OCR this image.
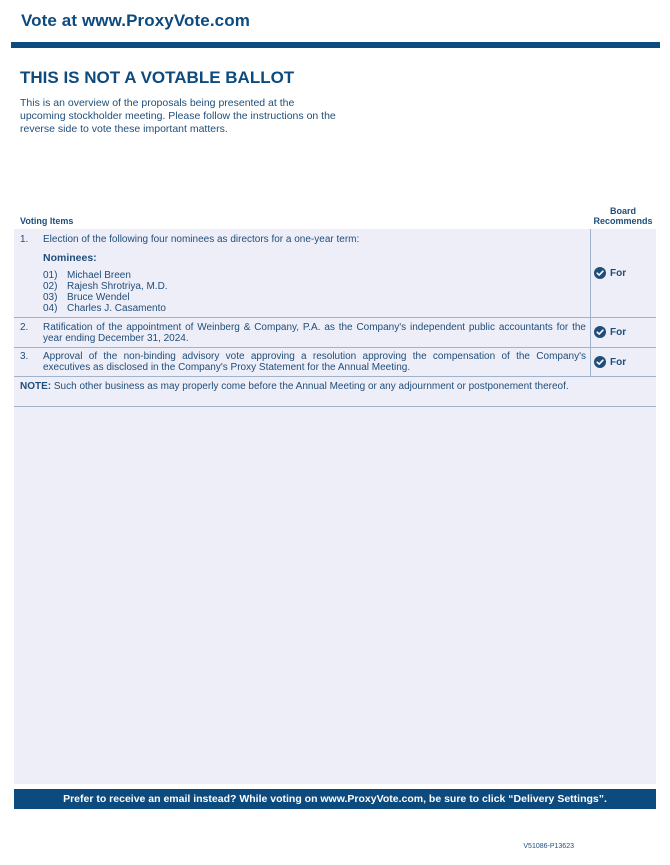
Vote at www.ProxyVote.com
THIS IS NOT A VOTABLE BALLOT
This is an overview of the proposals being presented at the upcoming stockholder meeting. Please follow the instructions on the reverse side to vote these important matters.
Voting Items
Board Recommends
For
1. Election of the following four nominees as directors for a one-year term:
Nominees:
01) Michael Breen
02) Rajesh Shrotriya, M.D.
03) Bruce Wendel
04) Charles J. Casamento
For
2. Ratification of the appointment of Weinberg & Company, P.A. as the Company's independent public accountants for the year ending December 31, 2024.
For
3. Approval of the non-binding advisory vote approving a resolution approving the compensation of the Company's executives as disclosed in the Company's Proxy Statement for the Annual Meeting.
NOTE: Such other business as may properly come before the Annual Meeting or any adjournment or postponement thereof.
Prefer to receive an email instead? While voting on www.ProxyVote.com, be sure to click “Delivery Settings”.
V51086-P13623
